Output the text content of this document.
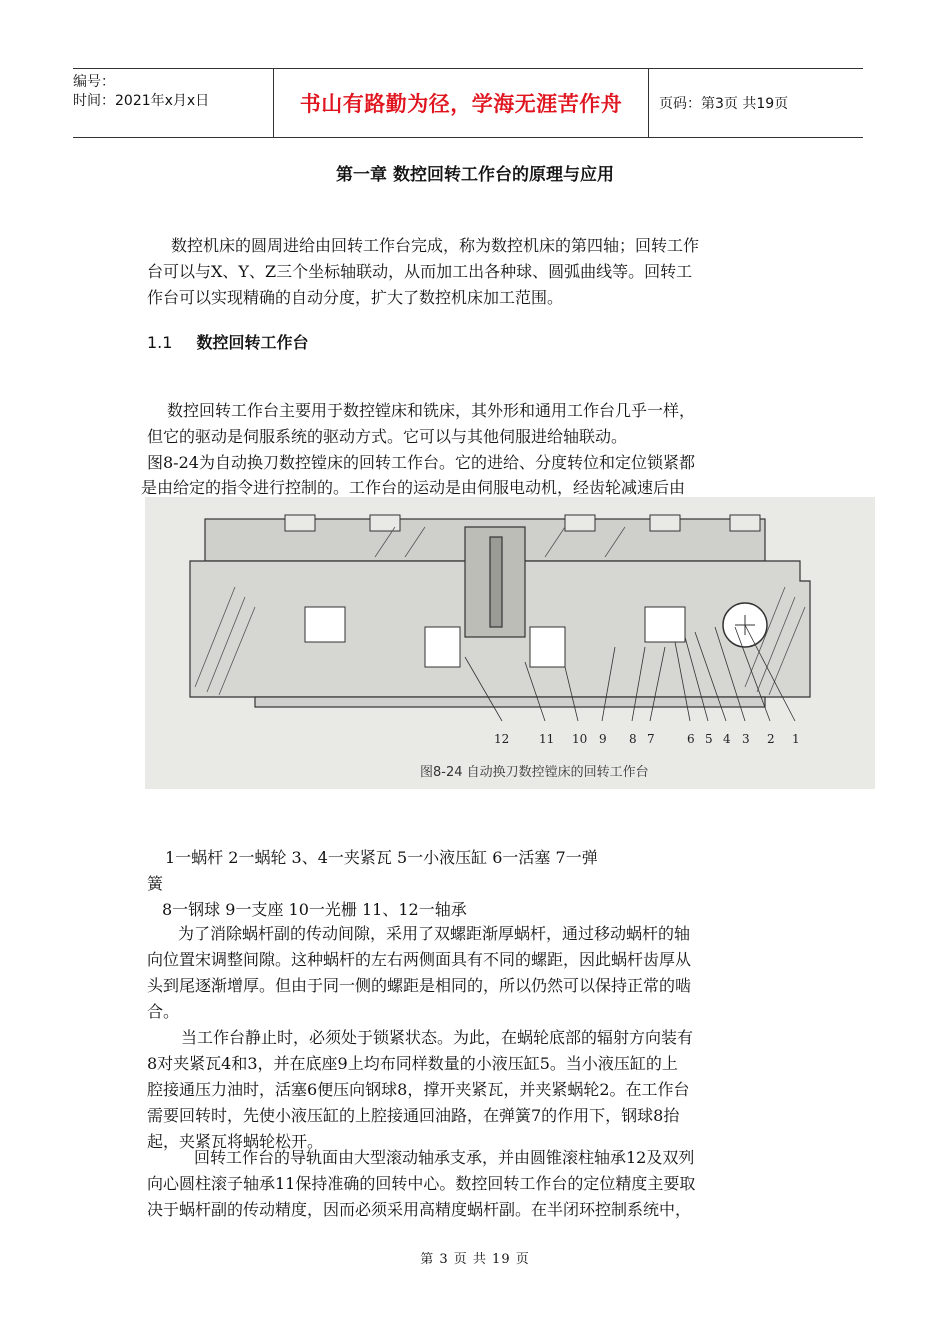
编号：
时间：2021年x月x日	书山有路勤为径，学海无涯苦作舟	页码：第3页 共19页
第一章 数控回转工作台的原理与应用

数控机床的圆周进给由回转工作台完成，称为数控机床的第四轴；回转工作

台可以与X、Y、Z三个坐标轴联动，从而加工出各种球、圆弧曲线等。回转工

作台可以实现精确的自动分度，扩大了数控机床加工范围。

1.1 数控回转工作台

数控回转工作台主要用于数控镗床和铣床，其外形和通用工作台几乎一样，

但它的驱动是伺服系统的驱动方式。它可以与其他伺服进给轴联动。

图8-24为自动换刀数控镗床的回转工作台。它的进给、分度转位和定位锁紧都

是由给定的指令进行控制的。工作台的运动是由伺服电动机，经齿轮减速后由

12 11 10 9 8 7	6 5 4 3 2 1
图8-24 自动换刀数控镗床的回转工作台
1一蜗杆 2一蜗轮 3、4一夹紧瓦 5一小液压缸 6一活塞 7一弹
簧
8一钢球 9一支座 10一光栅 11、12一轴承

为了消除蜗杆副的传动间隙，采用了双螺距渐厚蜗杆，通过移动蜗杆的轴

向位置宋调整间隙。这种蜗杆的左右两侧面具有不同的螺距，因此蜗杆齿厚从

头到尾逐渐增厚。但由于同一侧的螺距是相同的，所以仍然可以保持正常的啮

合。

当工作台静止时，必须处于锁紧状态。为此，在蜗轮底部的辐射方向装有

8对夹紧瓦4和3，并在底座9上均布同样数量的小液压缸5。当小液压缸的上

腔接通压力油时，活塞6便压向钢球8，撑开夹紧瓦，并夹紧蜗轮2。在工作台

需要回转时，先使小液压缸的上腔接通回油路，在弹簧7的作用下，钢球8抬

起，夹紧瓦将蜗轮松开。

回转工作台的导轨面由大型滚动轴承支承，并由圆锥滚柱轴承12及双列

向心圆柱滚子轴承11保持准确的回转中心。数控回转工作台的定位精度主要取

决于蜗杆副的传动精度，因而必须采用高精度蜗杆副。在半闭环控制系统中，

第 3 页 共 19 页
